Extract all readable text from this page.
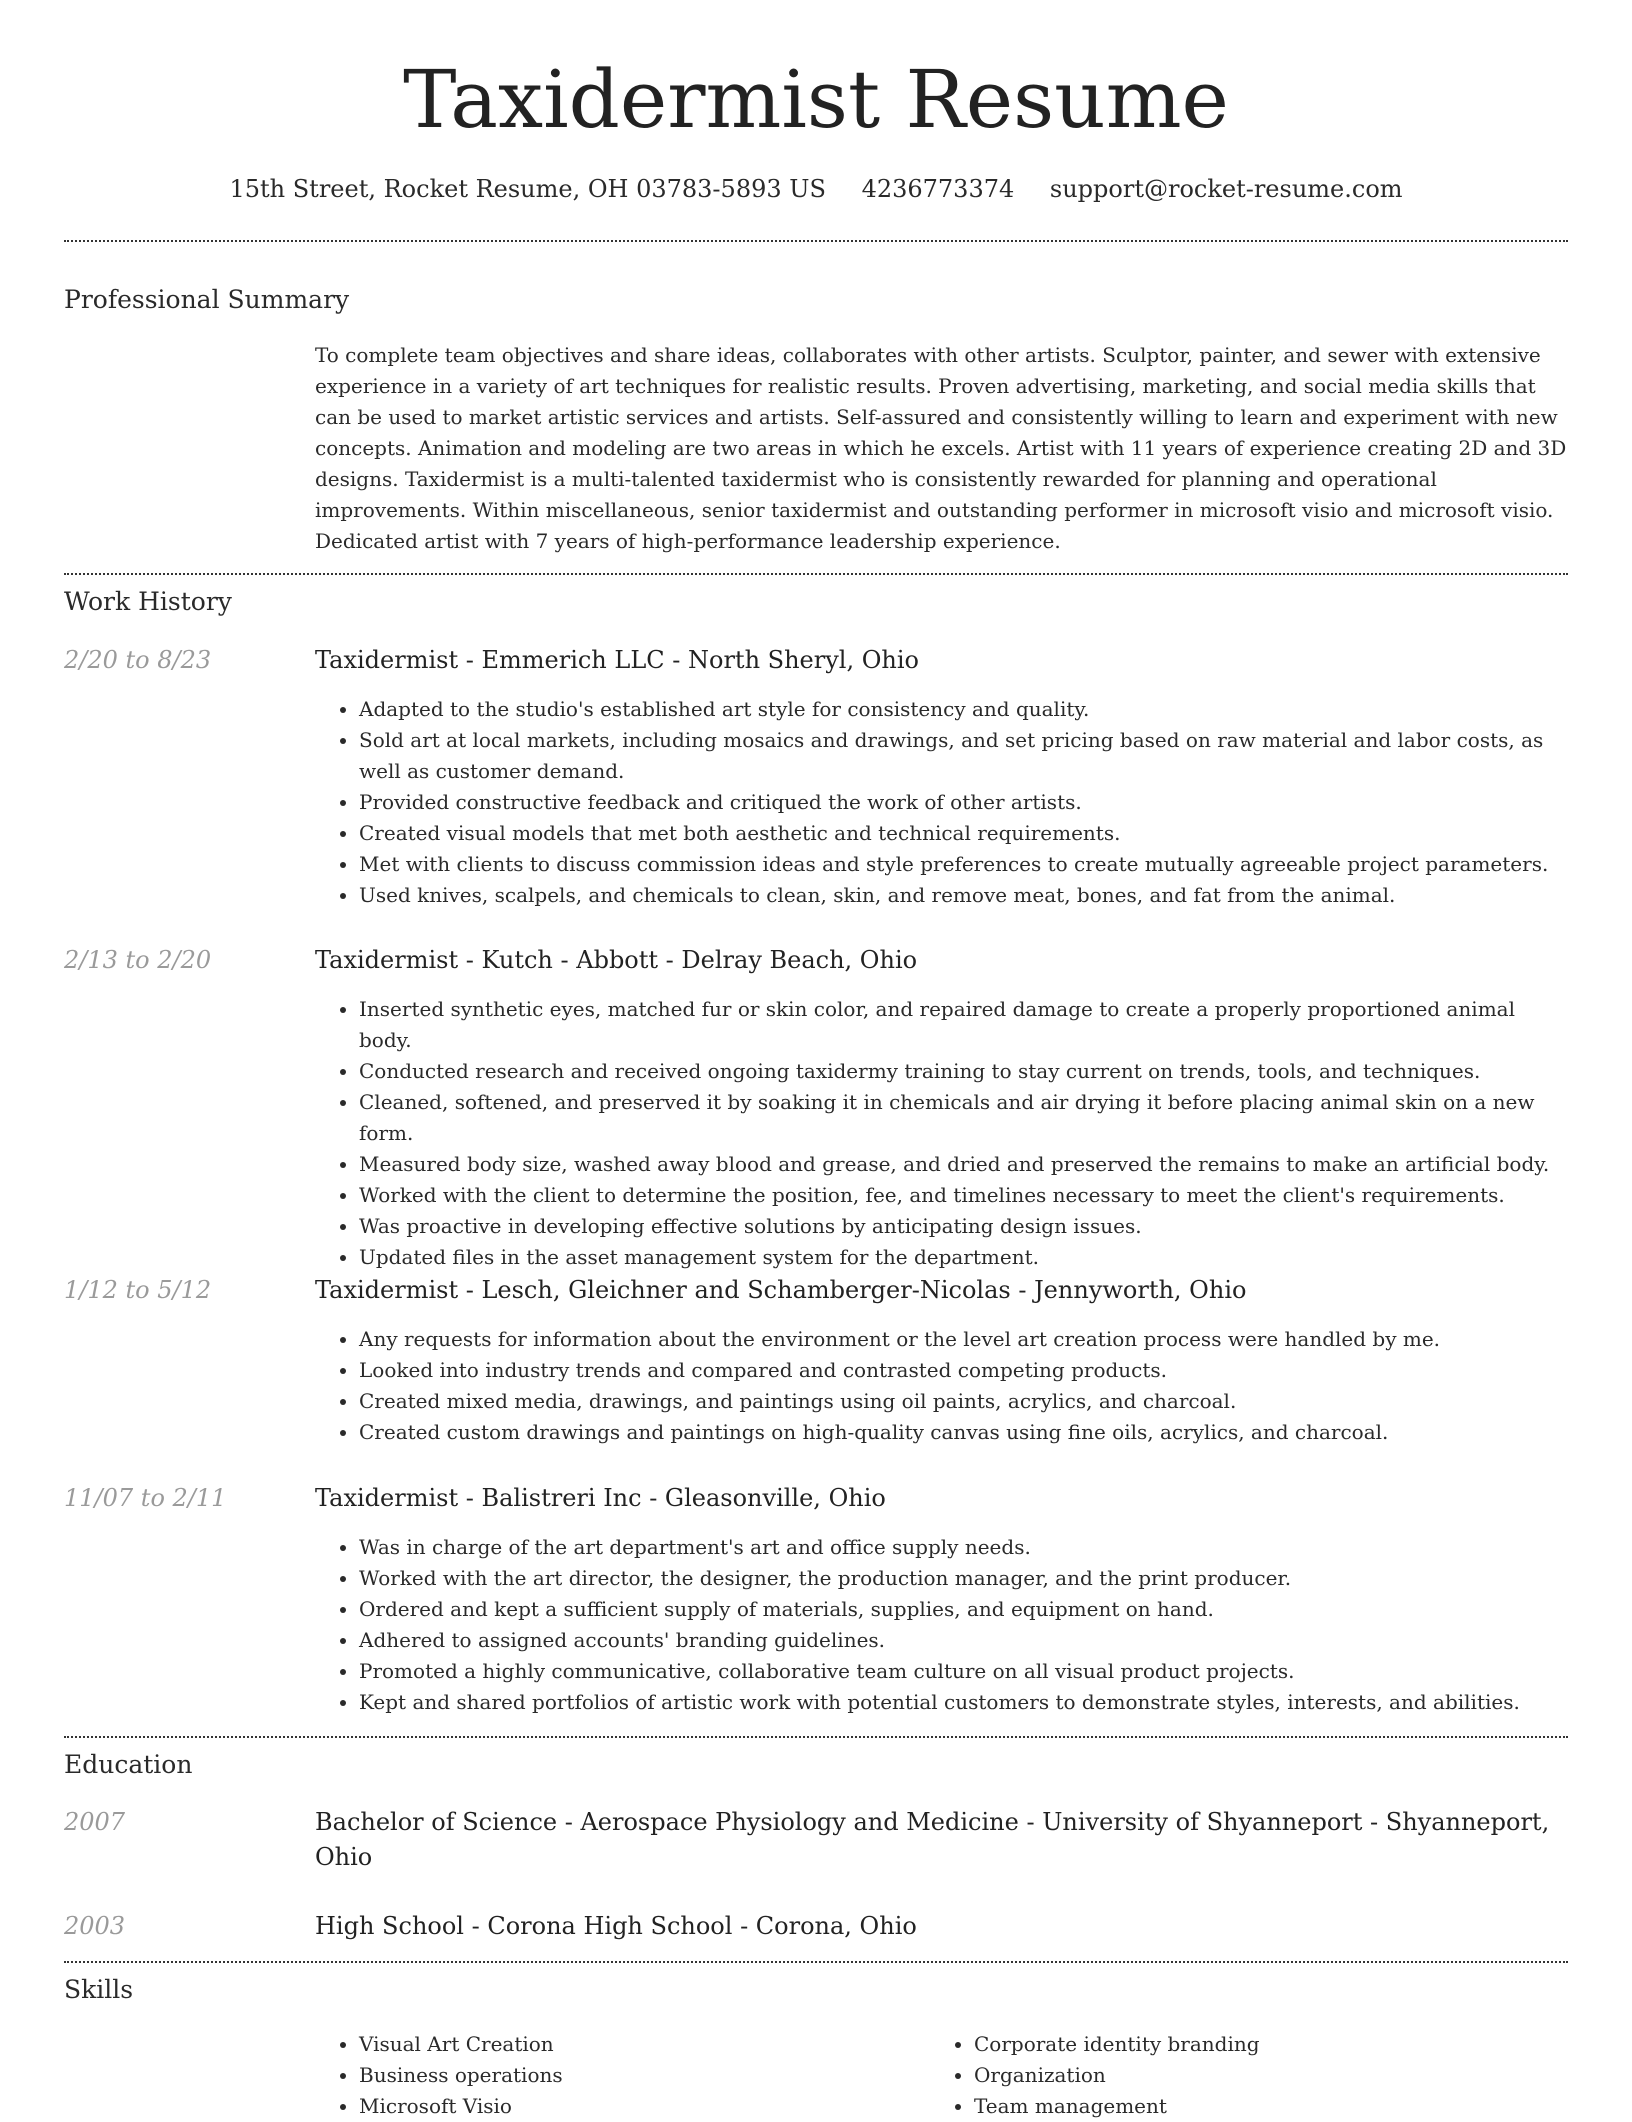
Taxidermist Resume
15th Street, Rocket Resume, OH 03783-5893 US 4236773374 support@rocket-resume.com
Professional Summary
To complete team objectives and share ideas, collaborates with other artists. Sculptor, painter, and sewer with extensive experience in a variety of art techniques for realistic results. Proven advertising, marketing, and social media skills that can be used to market artistic services and artists. Self-assured and consistently willing to learn and experiment with new concepts. Animation and modeling are two areas in which he excels. Artist with 11 years of experience creating 2D and 3D designs. Taxidermist is a multi-talented taxidermist who is consistently rewarded for planning and operational improvements. Within miscellaneous, senior taxidermist and outstanding performer in microsoft visio and microsoft visio. Dedicated artist with 7 years of high-performance leadership experience.
Work History
2/20 to 8/23	Taxidermist - Emmerich LLC - North Sheryl, Ohio
• Adapted to the studio's established art style for consistency and quality.
• Sold art at local markets, including mosaics and drawings, and set pricing based on raw material and labor costs, as well as customer demand.
• Provided constructive feedback and critiqued the work of other artists.
• Created visual models that met both aesthetic and technical requirements.
• Met with clients to discuss commission ideas and style preferences to create mutually agreeable project parameters.
• Used knives, scalpels, and chemicals to clean, skin, and remove meat, bones, and fat from the animal.
2/13 to 2/20	Taxidermist - Kutch - Abbott - Delray Beach, Ohio
• Inserted synthetic eyes, matched fur or skin color, and repaired damage to create a properly proportioned animal body.
• Conducted research and received ongoing taxidermy training to stay current on trends, tools, and techniques.
• Cleaned, softened, and preserved it by soaking it in chemicals and air drying it before placing animal skin on a new form.
• Measured body size, washed away blood and grease, and dried and preserved the remains to make an artificial body.
• Worked with the client to determine the position, fee, and timelines necessary to meet the client's requirements.
• Was proactive in developing effective solutions by anticipating design issues.
• Updated files in the asset management system for the department.
1/12 to 5/12	Taxidermist - Lesch, Gleichner and Schamberger-Nicolas - Jennyworth, Ohio
• Any requests for information about the environment or the level art creation process were handled by me.
• Looked into industry trends and compared and contrasted competing products.
• Created mixed media, drawings, and paintings using oil paints, acrylics, and charcoal.
• Created custom drawings and paintings on high-quality canvas using fine oils, acrylics, and charcoal.
11/07 to 2/11	Taxidermist - Balistreri Inc - Gleasonville, Ohio
• Was in charge of the art department's art and office supply needs.
• Worked with the art director, the designer, the production manager, and the print producer.
• Ordered and kept a sufficient supply of materials, supplies, and equipment on hand.
• Adhered to assigned accounts' branding guidelines.
• Promoted a highly communicative, collaborative team culture on all visual product projects.
• Kept and shared portfolios of artistic work with potential customers to demonstrate styles, interests, and abilities.
Education
2007	Bachelor of Science - Aerospace Physiology and Medicine - University of Shyanneport - Shyanneport, Ohio
2003	High School - Corona High School - Corona, Ohio
Skills
• Visual Art Creation
• Business operations
• Microsoft Visio
• Corporate identity branding
• Organization
• Team management
